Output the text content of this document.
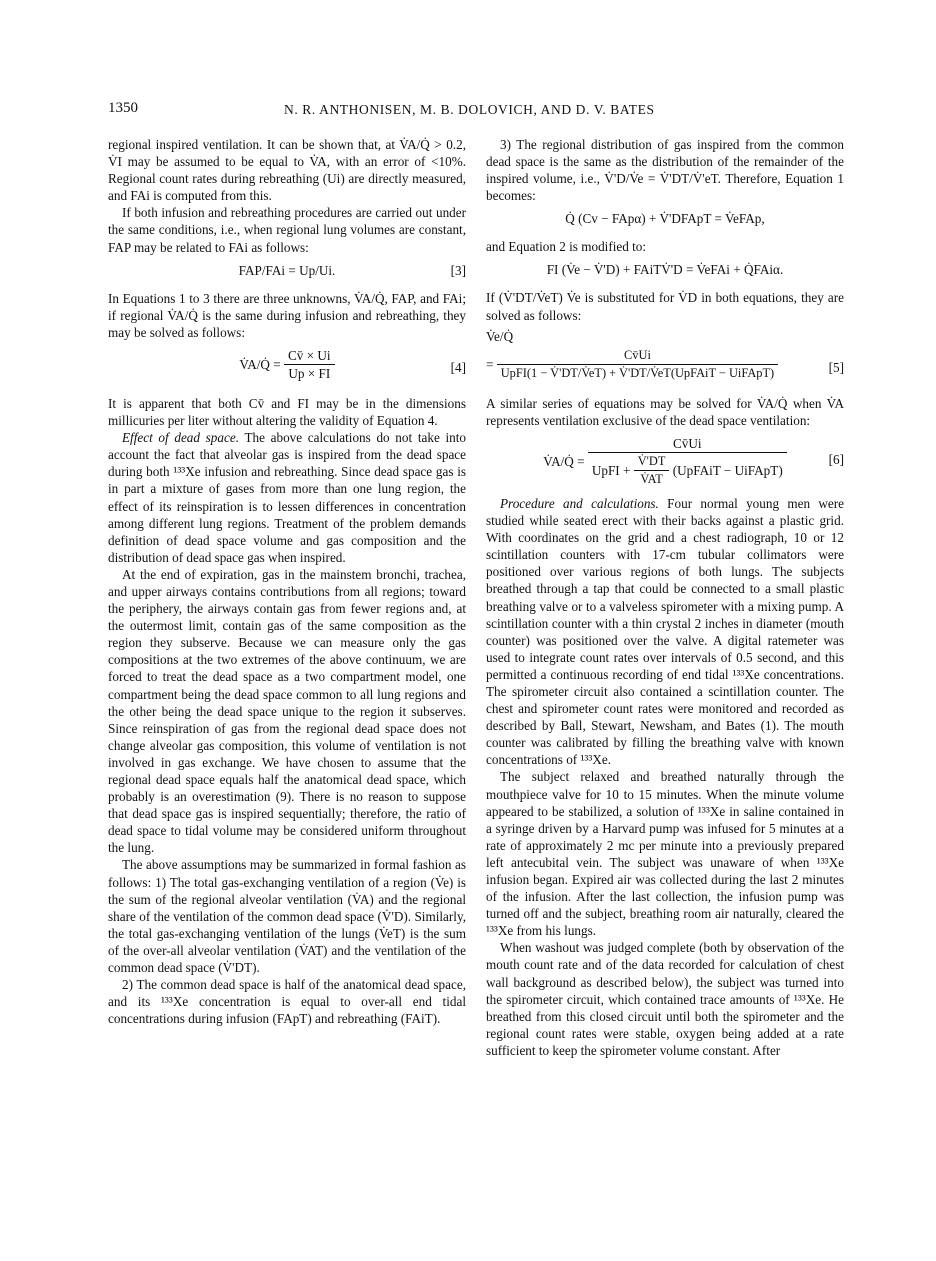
1350	N. R. ANTHONISEN, M. B. DOLOVICH, AND D. V. BATES

regional inspired ventilation. It can be shown that, at V̇A/Q̇ > 0.2, V̇I may be assumed to be equal to V̇A, with an error of <10%. Regional count rates during rebreathing (Ui) are directly measured, and FAi is computed from this.

If both infusion and rebreathing procedures are carried out under the same conditions, i.e., when regional lung volumes are constant, FAP may be related to FAi as follows:

FAP/FAi = Up/Ui.	[3]

In Equations 1 to 3 there are three unknowns, V̇A/Q̇, FAP, and FAi; if regional V̇A/Q̇ is the same during infusion and rebreathing, they may be solved as follows:

V̇A/Q̇ = $\frac{Cv̄ \times Ui}{Up \times FI}$	[4]

It is apparent that both Cv̄ and FI may be in the dimensions millicuries per liter without altering the validity of Equation 4.

Effect of dead space. The above calculations do not take into account the fact that alveolar gas is inspired from the dead space during both ¹³³Xe infusion and rebreathing. Since dead space gas is in part a mixture of gases from more than one lung region, the effect of its reinspiration is to lessen differences in concentration among different lung regions. Treatment of the problem demands definition of dead space volume and gas composition and the distribution of dead space gas when inspired.

At the end of expiration, gas in the mainstem bronchi, trachea, and upper airways contains contributions from all regions; toward the periphery, the airways contain gas from fewer regions and, at the outermost limit, contain gas of the same composition as the region they subserve. Because we can measure only the gas compositions at the two extremes of the above continuum, we are forced to treat the dead space as a two compartment model, one compartment being the dead space common to all lung regions and the other being the dead space unique to the region it subserves. Since reinspiration of gas from the regional dead space does not change alveolar gas composition, this volume of ventilation is not involved in gas exchange. We have chosen to assume that the regional dead space equals half the anatomical dead space, which probably is an overestimation (9). There is no reason to suppose that dead space gas is inspired sequentially; therefore, the ratio of dead space to tidal volume may be considered uniform throughout the lung.

The above assumptions may be summarized in formal fashion as follows: 1) The total gas-exchanging ventilation of a region (V̇e) is the sum of the regional alveolar ventilation (V̇A) and the regional share of the ventilation of the common dead space (V̇'D). Similarly, the total gas-exchanging ventilation of the lungs (V̇eT) is the sum of the over-all alveolar ventilation (V̇AT) and the ventilation of the common dead space (V̇'DT).

2) The common dead space is half of the anatomical dead space, and its ¹³³Xe concentration is equal to over-all end tidal concentrations during infusion (FApT) and rebreathing (FAiT).

3) The regional distribution of gas inspired from the common dead space is the same as the distribution of the remainder of the inspired volume, i.e., V̇'D/V̇e = V̇'DT/V̇'eT. Therefore, Equation 1 becomes:

Q̇ (Cv − FApα) + V̇'DFApT = V̇eFAp,

and Equation 2 is modified to:

FI (V̇e − V̇'D) + FAiTV̇'D = V̇eFAi + Q̇FAiα.

If (V̇'DT/V̇eT) V̇e is substituted for V̇D in both equations, they are solved as follows:

V̇e/Q̇
= $\frac{Cv̄Ui}{\text{UpFI(1 − V̇'DT/V̇eT) + V̇'DT/V̇eT(UpFAiT − UiFApT)}}$	[5]

A similar series of equations may be solved for V̇A/Q̇ when V̇A represents ventilation exclusive of the dead space ventilation:

V̇A/Q̇ =
Cv̄Ui
UpFI + $\frac{V̇'DT}{V̇AT}$ (UpFAiT − UiFApT)
[6]

Procedure and calculations. Four normal young men were studied while seated erect with their backs against a plastic grid. With coordinates on the grid and a chest radiograph, 10 or 12 scintillation counters with 17-cm tubular collimators were positioned over various regions of both lungs. The subjects breathed through a tap that could be connected to a small plastic breathing valve or to a valveless spirometer with a mixing pump. A scintillation counter with a thin crystal 2 inches in diameter (mouth counter) was positioned over the valve. A digital ratemeter was used to integrate count rates over intervals of 0.5 second, and this permitted a continuous recording of end tidal ¹³³Xe concentrations. The spirometer circuit also contained a scintillation counter. The chest and spirometer count rates were monitored and recorded as described by Ball, Stewart, Newsham, and Bates (1). The mouth counter was calibrated by filling the breathing valve with known concentrations of ¹³³Xe.

The subject relaxed and breathed naturally through the mouthpiece valve for 10 to 15 minutes. When the minute volume appeared to be stabilized, a solution of ¹³³Xe in saline contained in a syringe driven by a Harvard pump was infused for 5 minutes at a rate of approximately 2 mc per minute into a previously prepared left antecubital vein. The subject was unaware of when ¹³³Xe infusion began. Expired air was collected during the last 2 minutes of the infusion. After the last collection, the infusion pump was turned off and the subject, breathing room air naturally, cleared the ¹³³Xe from his lungs.

When washout was judged complete (both by observation of the mouth count rate and of the data recorded for calculation of chest wall background as described below), the subject was turned into the spirometer circuit, which contained trace amounts of ¹³³Xe. He breathed from this closed circuit until both the spirometer and the regional count rates were stable, oxygen being added at a rate sufficient to keep the spirometer volume constant. After
